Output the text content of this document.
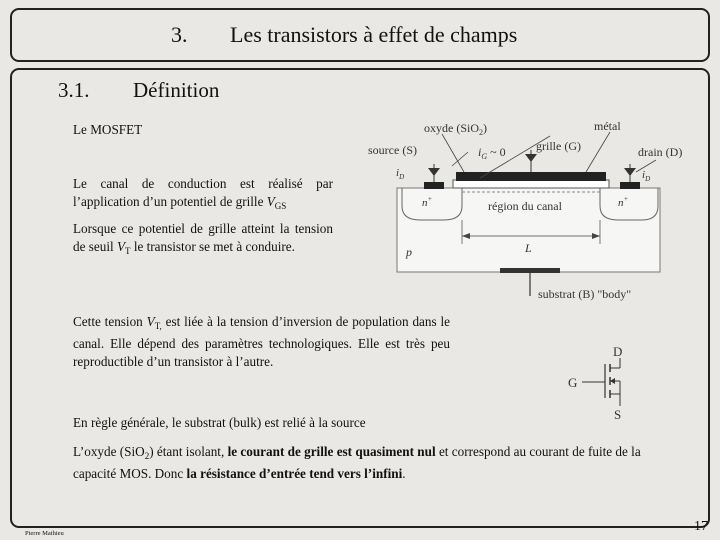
3. Les transistors à effet de champs
3.1. Définition
Le MOSFET
Le canal de conduction est réalisé par l’application d’un potentiel de grille $V_{GS}$
Lorsque ce potentiel de grille atteint la tension de seuil $V_T$ le transistor se met à conduire.
Cette tension $V_{T,}$ est liée à la tension d’inversion de population dans le canal. Elle dépend des paramètres technologiques. Elle est très peu reproductible d’un transistor à l’autre.
En règle générale, le substrat (bulk) est relié à la source
L’oxyde (SiO$_2$) étant isolant, le courant de grille est quasiment nul et correspond au courant de fuite de la capacité MOS. Donc la résistance d’entrée tend vers l’infini.
oxyde (SiO$_2$)	métal
source (S)	$i_G$ ~ 0	grille (G)	drain (D)
$i_D$	$i_D$
n+	n+
région du canal
p	L
substrat (B) "body"
D
G
S
Pierre Mathieu	17
